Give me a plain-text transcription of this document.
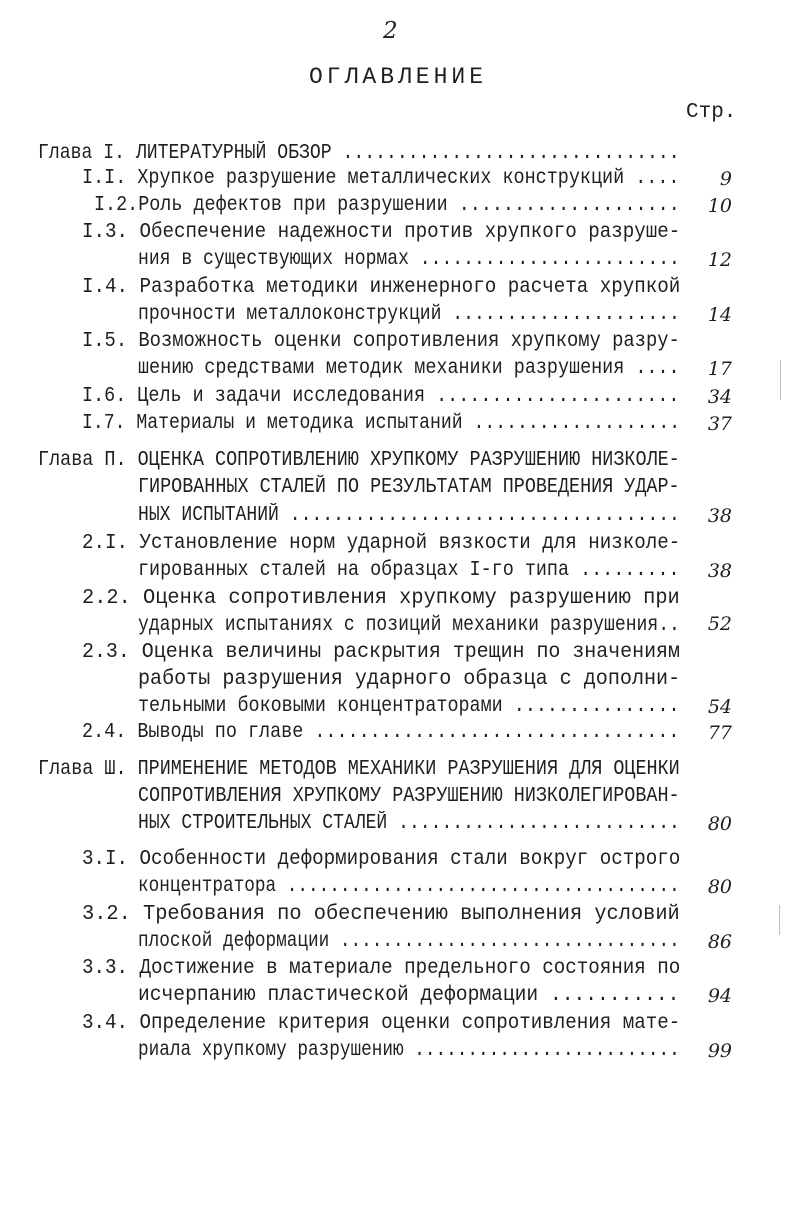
2
ОГЛАВЛЕНИЕ
Стр.
Глава I. ЛИТЕРАТУРНЫЙ ОБЗОР ...............................
I.I. Хрупкое разрушение металлических конструкций ....	9
I.2.Роль дефектов при разрушении ....................	10
I.3. Обеспечение надежности против хрупкого разруше-
ния в существующих нормах ........................	12
I.4. Разработка методики инженерного расчета хрупкой
прочности металлоконструкций .....................	14
I.5. Возможность оценки сопротивления хрупкому разру-
шению средствами методик механики разрушения ....	17
I.6. Цель и задачи исследования ......................	34
I.7. Материалы и методика испытаний ...................	37
Глава П. ОЦЕНКА СОПРОТИВЛЕНИЮ ХРУПКОМУ РАЗРУШЕНИЮ НИЗКОЛЕ-
ГИРОВАННЫХ СТАЛЕЙ ПО РЕЗУЛЬТАТАМ ПРОВЕДЕНИЯ УДАР-
НЫХ ИСПЫТАНИЙ ....................................	38
2.I. Установление норм ударной вязкости для низколе-
гированных сталей на образцах I-го типа .........	38
2.2. Оценка сопротивления хрупкому разрушению при
ударных испытаниях с позиций механики разрушения..	52
2.3. Оценка величины раскрытия трещин по значениям
работы разрушения ударного образца с дополни-
тельными боковыми концентраторами ...............	54
2.4. Выводы по главе .................................	77
Глава Ш. ПРИМЕНЕНИЕ МЕТОДОВ МЕХАНИКИ РАЗРУШЕНИЯ ДЛЯ ОЦЕНКИ
СОПРОТИВЛЕНИЯ ХРУПКОМУ РАЗРУШЕНИЮ НИЗКОЛЕГИРОВАН-
НЫХ СТРОИТЕЛЬНЫХ СТАЛЕЙ ..........................	80
3.I. Особенности деформирования стали вокруг острого
концентратора .....................................	80
3.2. Требования по обеспечению выполнения условий
плоской деформации ................................	86
3.3. Достижение в материале предельного состояния по
исчерпанию пластической деформации ...........	94
3.4. Определение критерия оценки сопротивления мате-
риала хрупкому разрушению .........................	99
